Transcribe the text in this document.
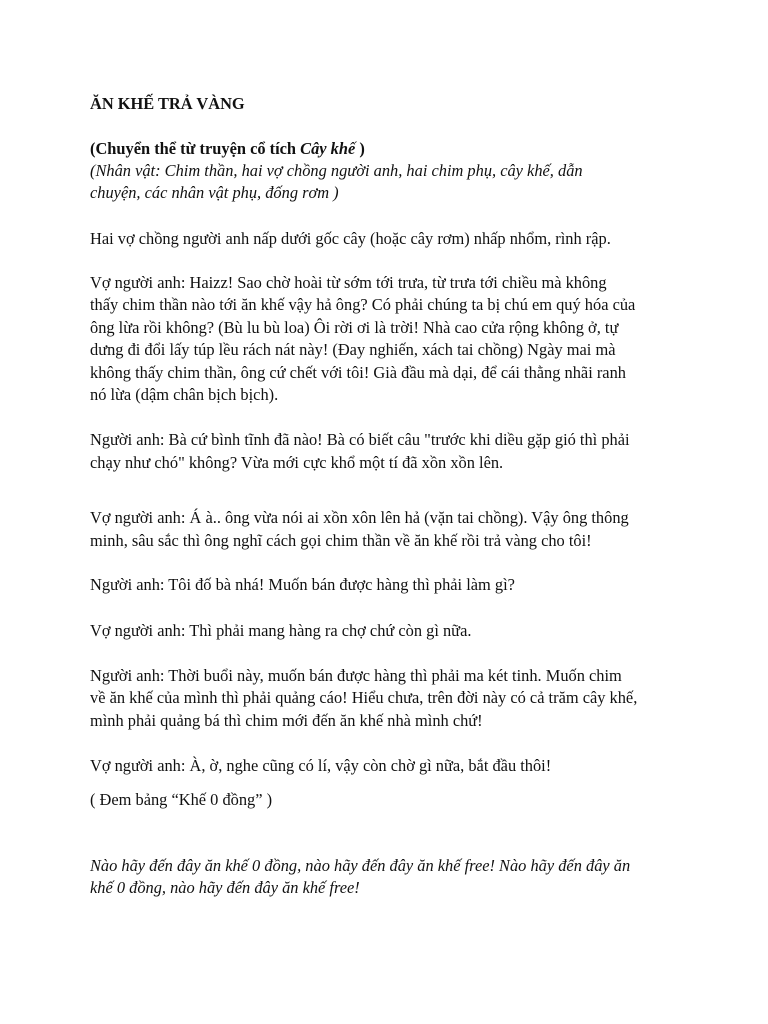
ĂN KHẾ TRẢ VÀNG
(Chuyển thể từ truyện cổ tích Cây khế )
(Nhân vật: Chim thần, hai vợ chồng người anh, hai chim phụ, cây khế, dẫn
chuyện, các nhân vật phụ, đống rơm )
Hai vợ chồng người anh nấp dưới gốc cây (hoặc cây rơm) nhấp nhổm, rình rập.
Vợ người anh: Haizz! Sao chờ hoài từ sớm tới trưa, từ trưa tới chiều mà không
thấy chim thần nào tới ăn khế vậy hả ông? Có phải chúng ta bị chú em quý hóa của
ông lừa rồi không? (Bù lu bù loa) Ôi rời ơi là trời! Nhà cao cửa rộng không ở, tự
dưng đi đổi lấy túp lều rách nát này! (Đay nghiến, xách tai chồng) Ngày mai mà
không thấy chim thần, ông cứ chết với tôi! Già đầu mà dại, để cái thằng nhãi ranh
nó lừa (dậm chân bịch bịch).
Người anh: Bà cứ bình tĩnh đã nào! Bà có biết câu "trước khi diều gặp gió thì phải
chạy như chó" không? Vừa mới cực khổ một tí đã xồn xồn lên.
Vợ người anh: Á à.. ông vừa nói ai xồn xôn lên hả (vặn tai chồng). Vậy ông thông
minh, sâu sắc thì ông nghĩ cách gọi chim thần về ăn khế rồi trả vàng cho tôi!
Người anh: Tôi đố bà nhá! Muốn bán được hàng thì phải làm gì?
Vợ người anh: Thì phải mang hàng ra chợ chứ còn gì nữa.
Người anh: Thời buổi này, muốn bán được hàng thì phải ma két tinh. Muốn chim
về ăn khế của mình thì phải quảng cáo! Hiểu chưa, trên đời này có cả trăm cây khế,
mình phải quảng bá thì chim mới đến ăn khế nhà mình chứ!
Vợ người anh: À, ờ, nghe cũng có lí, vậy còn chờ gì nữa, bắt đầu thôi!
( Đem bảng “Khế 0 đồng” )
Nào hãy đến đây ăn khế 0 đồng, nào hãy đến đây ăn khế free! Nào hãy đến đây ăn
khế 0 đồng, nào hãy đến đây ăn khế free!
